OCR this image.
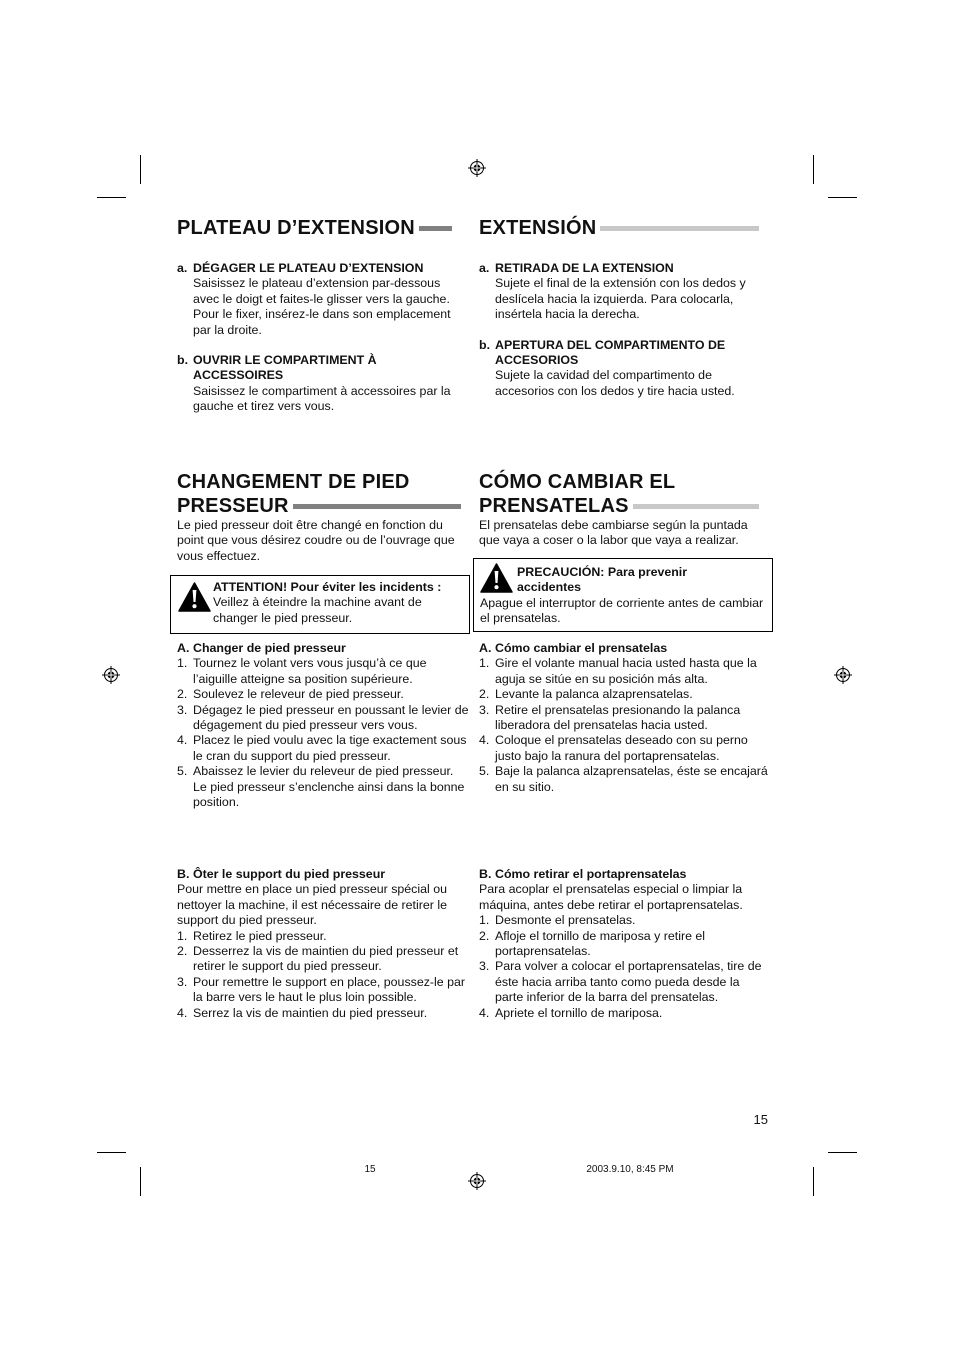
PLATEAU D’EXTENSION
a. DÉGAGER LE PLATEAU D’EXTENSION
Saisissez le plateau d’extension par-dessous avec le doigt et faites-le glisser vers la gauche. Pour le fixer, insérez-le dans son emplacement par la droite.
b. OUVRIR LE COMPARTIMENT À ACCESSOIRES
Saisissez le compartiment à accessoires par la gauche et tirez vers vous.
EXTENSIÓN
a. RETIRADA DE LA EXTENSION
Sujete el final de la extensión con los dedos y deslícela hacia la izquierda. Para colocarla, insértela hacia la derecha.
b. APERTURA DEL COMPARTIMENTO DE ACCESORIOS
Sujete la cavidad del compartimento de accesorios con los dedos y tire hacia usted.
CHANGEMENT DE PIED
PRESSEUR
Le pied presseur doit être changé en fonction du point que vous désirez coudre ou de l’ouvrage que vous effectuez.
ATTENTION! Pour éviter les incidents :
Veillez à éteindre la machine avant de changer le pied presseur.
A. Changer de pied presseur
1. Tournez le volant vers vous jusqu’à ce que l’aiguille atteigne sa position supérieure.
2. Soulevez le releveur de pied presseur.
3. Dégagez le pied presseur en poussant le levier de dégagement du pied presseur vers vous.
4. Placez le pied voulu avec la tige exactement sous le cran du support du pied presseur.
5. Abaissez le levier du releveur de pied presseur. Le pied presseur s’enclenche ainsi dans la bonne position.
B. Ôter le support du pied presseur
Pour mettre en place un pied presseur spécial ou nettoyer la machine, il est nécessaire de retirer le support du pied presseur.
1. Retirez le pied presseur.
2. Desserrez la vis de maintien du pied presseur et retirer le support du pied presseur.
3. Pour remettre le support en place, poussez-le par la barre vers le haut le plus loin possible.
4. Serrez la vis de maintien du pied presseur.
CÓMO CAMBIAR EL
PRENSATELAS
El prensatelas debe cambiarse según la puntada que vaya a coser o la labor que vaya a realizar.
PRECAUCIÓN: Para prevenir accidentes
Apague el interruptor de corriente antes de cambiar el prensatelas.
A. Cómo cambiar el prensatelas
1. Gire el volante manual hacia usted hasta que la aguja se sitúe en su posición más alta.
2. Levante la palanca alzaprensatelas.
3. Retire el prensatelas presionando la palanca liberadora del prensatelas hacia usted.
4. Coloque el prensatelas deseado con su perno justo bajo la ranura del portaprensatelas.
5. Baje la palanca alzaprensatelas, éste se encajará en su sitio.
B. Cómo retirar el portaprensatelas
Para acoplar el prensatelas especial o limpiar la máquina, antes debe retirar el portaprensatelas.
1. Desmonte el prensatelas.
2. Afloje el tornillo de mariposa y retire el portaprensatelas.
3. Para volver a colocar el portaprensatelas, tire de éste hacia arriba tanto como pueda desde la parte inferior de la barra del prensatelas.
4. Apriete el tornillo de mariposa.
15
15	2003.9.10, 8:45 PM
